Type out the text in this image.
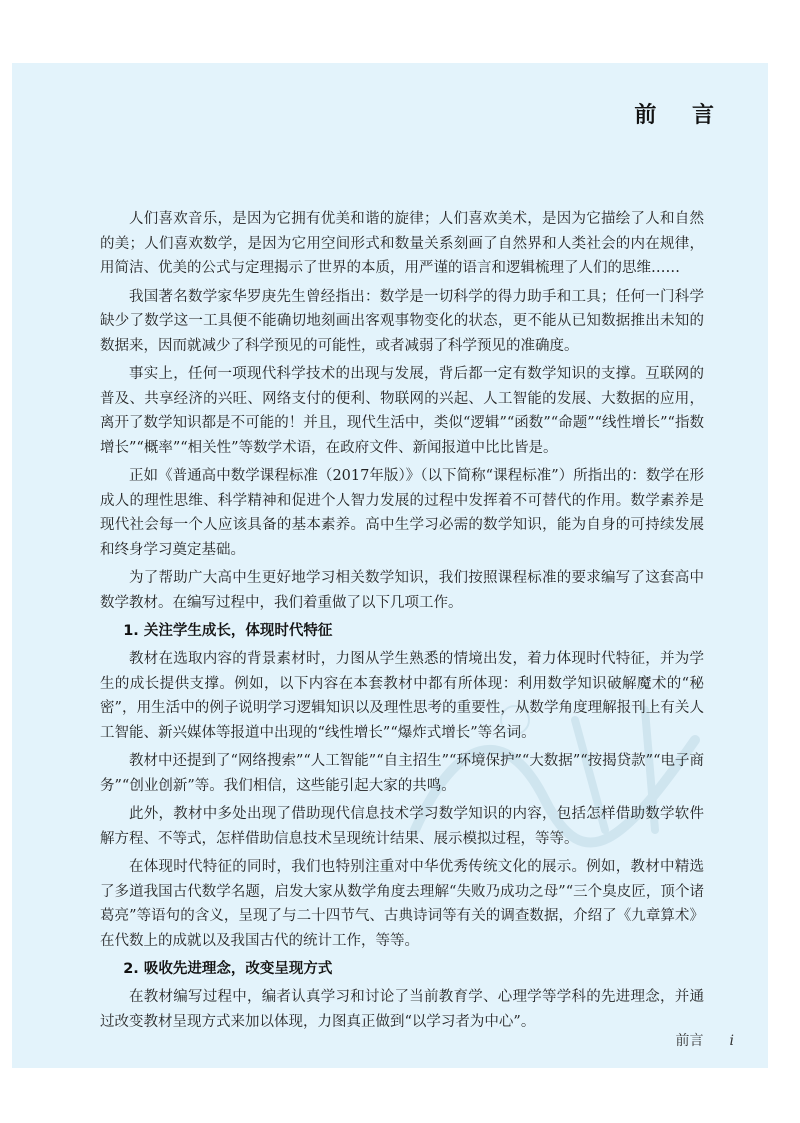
前 言

人们喜欢音乐，是因为它拥有优美和谐的旋律；人们喜欢美术，是因为它描绘了人和自然的美；人们喜欢数学，是因为它用空间形式和数量关系刻画了自然界和人类社会的内在规律，用简洁、优美的公式与定理揭示了世界的本质，用严谨的语言和逻辑梳理了人们的思维……

我国著名数学家华罗庚先生曾经指出：数学是一切科学的得力助手和工具；任何一门科学缺少了数学这一工具便不能确切地刻画出客观事物变化的状态，更不能从已知数据推出未知的数据来，因而就减少了科学预见的可能性，或者减弱了科学预见的准确度。

事实上，任何一项现代科学技术的出现与发展，背后都一定有数学知识的支撑。互联网的普及、共享经济的兴旺、网络支付的便利、物联网的兴起、人工智能的发展、大数据的应用，离开了数学知识都是不可能的！并且，现代生活中，类似“逻辑”“函数”“命题”“线性增长”“指数增长”“概率”“相关性”等数学术语，在政府文件、新闻报道中比比皆是。

正如《普通高中数学课程标准（2017年版）》（以下简称“课程标准”）所指出的：数学在形成人的理性思维、科学精神和促进个人智力发展的过程中发挥着不可替代的作用。数学素养是现代社会每一个人应该具备的基本素养。高中生学习必需的数学知识，能为自身的可持续发展和终身学习奠定基础。

为了帮助广大高中生更好地学习相关数学知识，我们按照课程标准的要求编写了这套高中数学教材。在编写过程中，我们着重做了以下几项工作。

1. 关注学生成长，体现时代特征

教材在选取内容的背景素材时，力图从学生熟悉的情境出发，着力体现时代特征，并为学生的成长提供支撑。例如，以下内容在本套教材中都有所体现：利用数学知识破解魔术的“秘密”，用生活中的例子说明学习逻辑知识以及理性思考的重要性，从数学角度理解报刊上有关人工智能、新兴媒体等报道中出现的“线性增长”“爆炸式增长”等名词。

教材中还提到了“网络搜索”“人工智能”“自主招生”“环境保护”“大数据”“按揭贷款”“电子商务”“创业创新”等。我们相信，这些能引起大家的共鸣。

此外，教材中多处出现了借助现代信息技术学习数学知识的内容，包括怎样借助数学软件解方程、不等式，怎样借助信息技术呈现统计结果、展示模拟过程，等等。

在体现时代特征的同时，我们也特别注重对中华优秀传统文化的展示。例如，教材中精选了多道我国古代数学名题，启发大家从数学角度去理解“失败乃成功之母”“三个臭皮匠，顶个诸葛亮”等语句的含义，呈现了与二十四节气、古典诗词等有关的调查数据，介绍了《九章算术》在代数上的成就以及我国古代的统计工作，等等。

2. 吸收先进理念，改变呈现方式

在教材编写过程中，编者认真学习和讨论了当前教育学、心理学等学科的先进理念，并通过改变教材呈现方式来加以体现，力图真正做到“以学习者为中心”。

前言 i
